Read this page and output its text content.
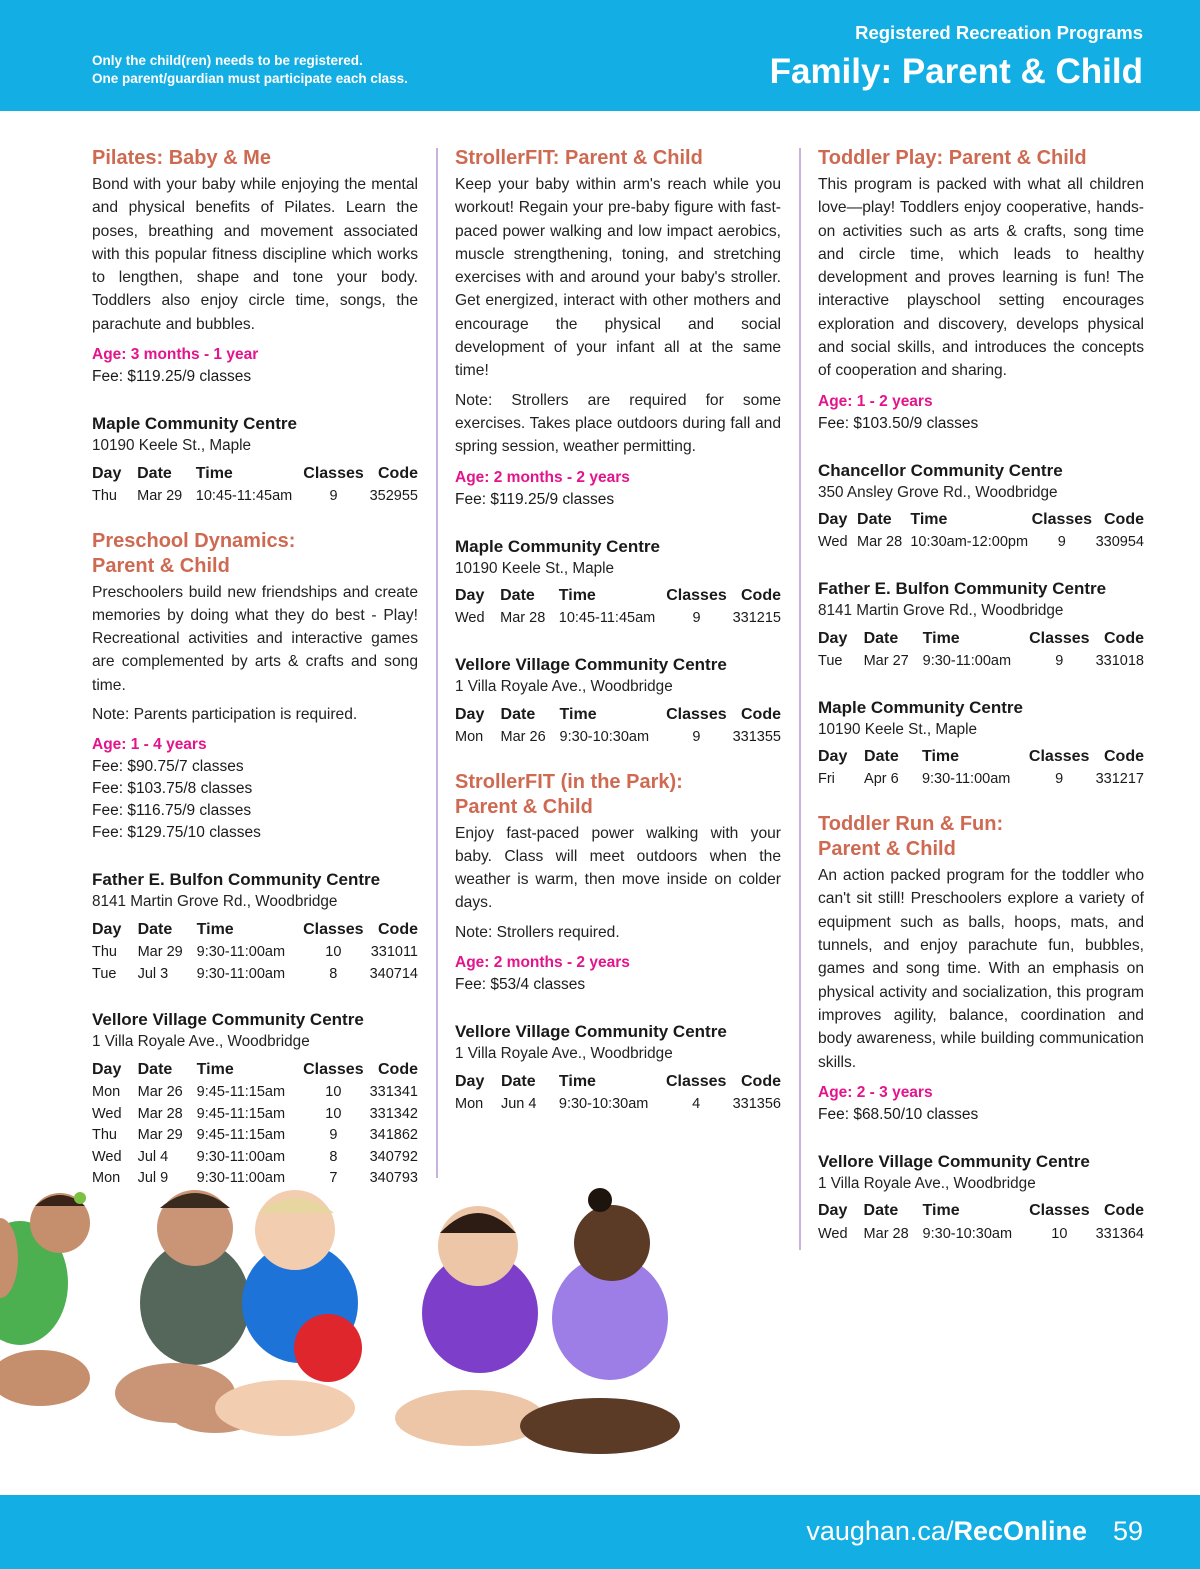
Only the child(ren) needs to be registered.
One parent/guardian must participate each class.
Registered Recreation Programs
Family: Parent & Child
Pilates: Baby & Me
Bond with your baby while enjoying the mental and physical benefits of Pilates. Learn the poses, breathing and movement associated with this popular fitness discipline which works to lengthen, shape and tone your body. Toddlers also enjoy circle time, songs, the parachute and bubbles.
Age: 3 months - 1 year
Fee: $119.25/9 classes
Maple Community Centre
10190 Keele St., Maple
Day	Date	Time	Classes	Code
Thu	Mar 29	10:45-11:45am	9	352955
Preschool Dynamics:
Parent & Child
Preschoolers build new friendships and create memories by doing what they do best - Play! Recreational activities and interactive games are complemented by arts & crafts and song time.
Note: Parents participation is required.
Age: 1 - 4 years
Fee: $90.75/7 classes
Fee: $103.75/8 classes
Fee: $116.75/9 classes
Fee: $129.75/10 classes
Father E. Bulfon Community Centre
8141 Martin Grove Rd., Woodbridge
Day	Date	Time	Classes	Code
Thu	Mar 29	9:30-11:00am	10	331011
Tue	Jul 3	9:30-11:00am	8	340714
Vellore Village Community Centre
1 Villa Royale Ave., Woodbridge
Day	Date	Time	Classes	Code
Mon	Mar 26	9:45-11:15am	10	331341
Wed	Mar 28	9:45-11:15am	10	331342
Thu	Mar 29	9:45-11:15am	9	341862
Wed	Jul 4	9:30-11:00am	8	340792
Mon	Jul 9	9:30-11:00am	7	340793
StrollerFIT: Parent & Child
Keep your baby within arm's reach while you workout! Regain your pre-baby figure with fast-paced power walking and low impact aerobics, muscle strengthening, toning, and stretching exercises with and around your baby's stroller. Get energized, interact with other mothers and encourage the physical and social development of your infant all at the same time!
Note: Strollers are required for some exercises. Takes place outdoors during fall and spring session, weather permitting.
Age: 2 months - 2 years
Fee: $119.25/9 classes
Maple Community Centre
10190 Keele St., Maple
Day	Date	Time	Classes	Code
Wed	Mar 28	10:45-11:45am	9	331215
Vellore Village Community Centre
1 Villa Royale Ave., Woodbridge
Day	Date	Time	Classes	Code
Mon	Mar 26	9:30-10:30am	9	331355
StrollerFIT (in the Park):
Parent & Child
Enjoy fast-paced power walking with your baby. Class will meet outdoors when the weather is warm, then move inside on colder days.
Note: Strollers required.
Age: 2 months - 2 years
Fee: $53/4 classes
Vellore Village Community Centre
1 Villa Royale Ave., Woodbridge
Day	Date	Time	Classes	Code
Mon	Jun 4	9:30-10:30am	4	331356
Toddler Play: Parent & Child
This program is packed with what all children love—play! Toddlers enjoy cooperative, hands-on activities such as arts & crafts, song time and circle time, which leads to healthy development and proves learning is fun! The interactive playschool setting encourages exploration and discovery, develops physical and social skills, and introduces the concepts of cooperation and sharing.
Age: 1 - 2 years
Fee: $103.50/9 classes
Chancellor Community Centre
350 Ansley Grove Rd., Woodbridge
Day	Date	Time	Classes	Code
Wed	Mar 28	10:30am-12:00pm	9	330954
Father E. Bulfon Community Centre
8141 Martin Grove Rd., Woodbridge
Day	Date	Time	Classes	Code
Tue	Mar 27	9:30-11:00am	9	331018
Maple Community Centre
10190 Keele St., Maple
Day	Date	Time	Classes	Code
Fri	Apr 6	9:30-11:00am	9	331217
Toddler Run & Fun:
Parent & Child
An action packed program for the toddler who can't sit still! Preschoolers explore a variety of equipment such as balls, hoops, mats, and tunnels, and enjoy parachute fun, bubbles, games and song time. With an emphasis on physical activity and socialization, this program improves agility, balance, coordination and body awareness, while building communication skills.
Age: 2 - 3 years
Fee: $68.50/10 classes
Vellore Village Community Centre
1 Villa Royale Ave., Woodbridge
Day	Date	Time	Classes	Code
Wed	Mar 28	9:30-10:30am	10	331364
vaughan.ca/RecOnline 59
